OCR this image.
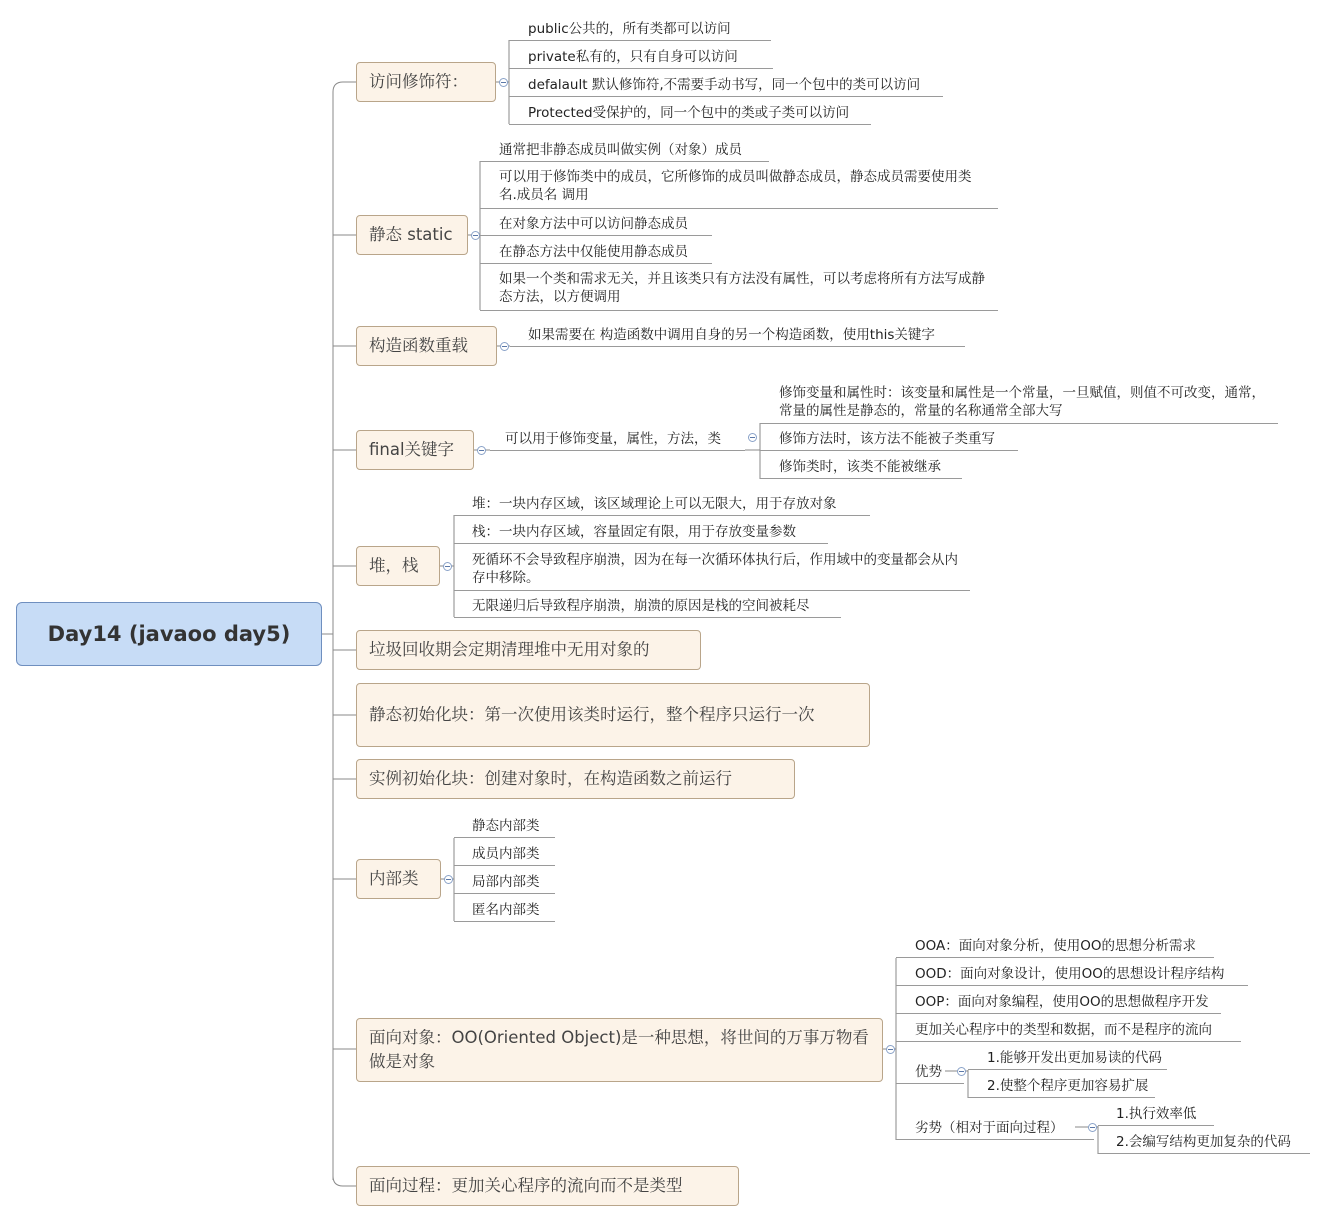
Day14 (javaoo day5)
访问修饰符：
静态 static
构造函数重载
final关键字
堆，栈
垃圾回收期会定期清理堆中无用对象的
静态初始化块：第一次使用该类时运行，整个程序只运行一次
实例初始化块：创建对象时，在构造函数之前运行
内部类
面向对象：OO(Oriented Object)是一种思想，将世间的万事万物看做是对象
面向过程：更加关心程序的流向而不是类型
public公共的，所有类都可以访问
private私有的，只有自身可以访问
defalault 默认修饰符,不需要手动书写，同一个包中的类可以访问
Protected受保护的，同一个包中的类或子类可以访问
通常把非静态成员叫做实例（对象）成员
可以用于修饰类中的成员，它所修饰的成员叫做静态成员，静态成员需要使用类名.成员名 调用
在对象方法中可以访问静态成员
在静态方法中仅能使用静态成员
如果一个类和需求无关，并且该类只有方法没有属性，可以考虑将所有方法写成静态方法，以方便调用
如果需要在 构造函数中调用自身的另一个构造函数，使用this关键字
可以用于修饰变量，属性，方法，类
修饰变量和属性时：该变量和属性是一个常量，一旦赋值，则值不可改变，通常，常量的属性是静态的，常量的名称通常全部大写
修饰方法时，该方法不能被子类重写
修饰类时，该类不能被继承
堆：一块内存区域，该区域理论上可以无限大，用于存放对象
栈：一块内存区域，容量固定有限，用于存放变量参数
死循环不会导致程序崩溃，因为在每一次循环体执行后，作用域中的变量都会从内存中移除。
无限递归后导致程序崩溃，崩溃的原因是栈的空间被耗尽
静态内部类
成员内部类
局部内部类
匿名内部类
OOA：面向对象分析，使用OO的思想分析需求
OOD：面向对象设计，使用OO的思想设计程序结构
OOP：面向对象编程，使用OO的思想做程序开发
更加关心程序中的类型和数据，而不是程序的流向
优势
1.能够开发出更加易读的代码
2.使整个程序更加容易扩展
劣势（相对于面向过程）
1.执行效率低
2.会编写结构更加复杂的代码
